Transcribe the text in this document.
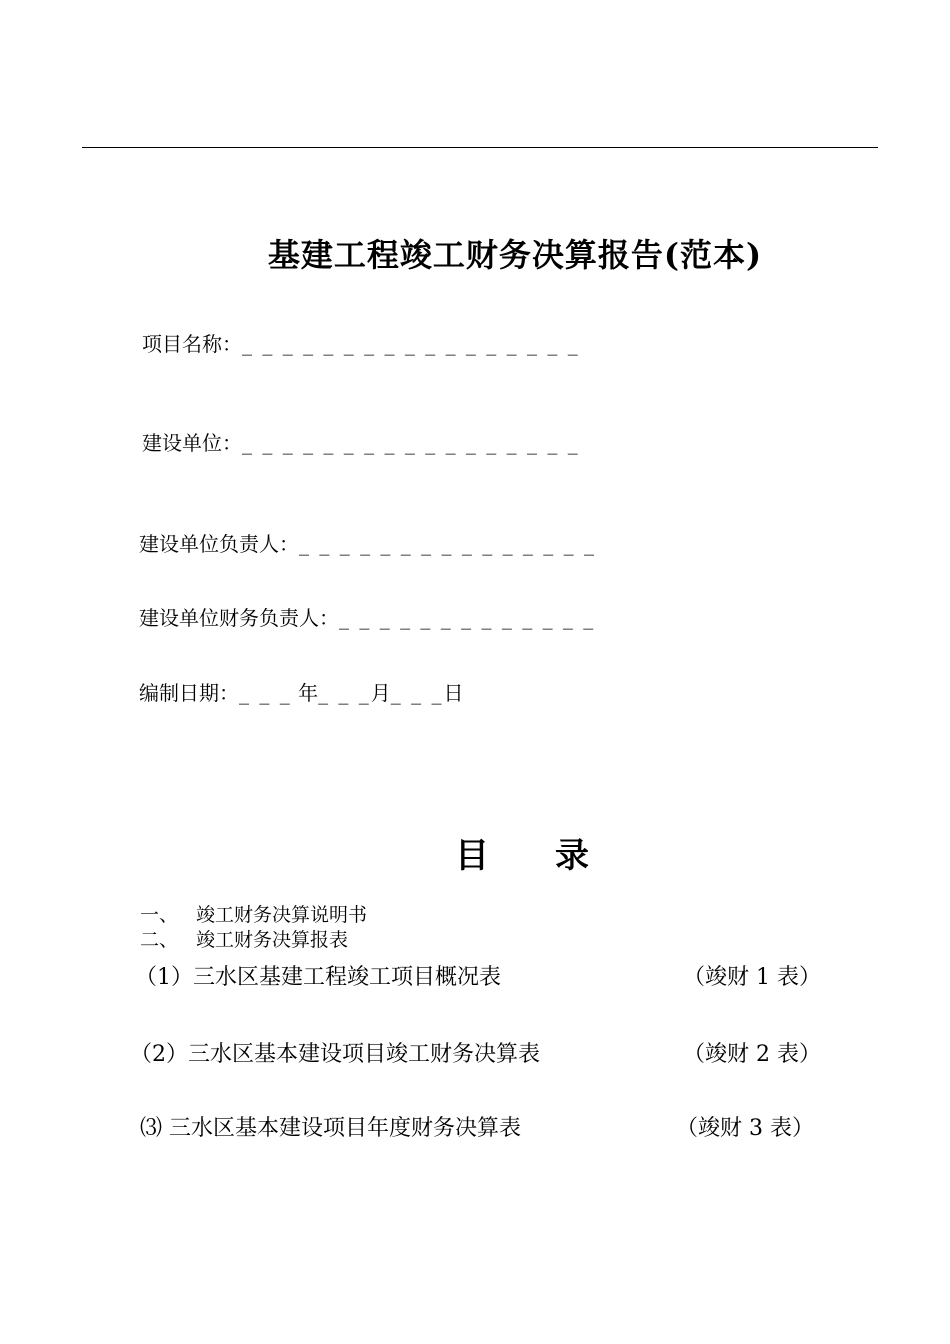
基建工程竣工财务决算报告(范本)
项目名称：_ _ _ _ _ _ _ _ _ _ _ _ _ _ _ _ _
建设单位：_ _ _ _ _ _ _ _ _ _ _ _ _ _ _ _ _
建设单位负责人：_ _ _ _ _ _ _ _ _ _ _ _ _ _ _
建设单位财务负责人：_ _ _ _ _ _ _ _ _ _ _ _ _
编制日期：_ _ _ 年_ _ _月_ _ _日
目 录
一、 竣工财务决算说明书
二、 竣工财务决算报表
（1）三水区基建工程竣工项目概况表	（竣财 1 表）
（2）三水区基本建设项目竣工财务决算表	（竣财 2 表）
⑶ 三水区基本建设项目年度财务决算表	（竣财 3 表）
